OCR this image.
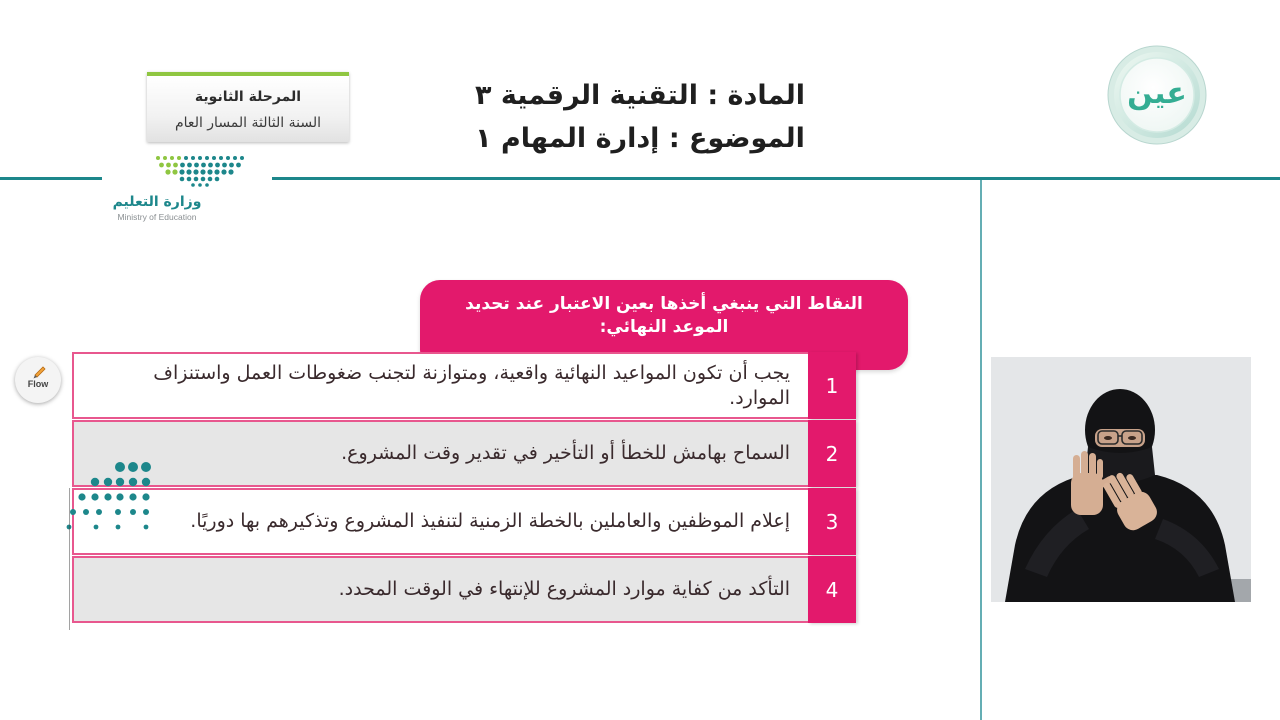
عين
المرحلة الثانوية
السنة الثالثة المسار العام
وزارة التعليم
Ministry of Education
المادة : التقنية الرقمية ٣
الموضوع : إدارة المهام ١
Flow
النقاط التي ينبغي أخذها بعين الاعتبار عند تحديد الموعد النهائي:
يجب أن تكون المواعيد النهائية واقعية، ومتوازنة لتجنب ضغوطات العمل واستنزاف الموارد.	1
السماح بهامش للخطأ أو التأخير في تقدير وقت المشروع.	2
إعلام الموظفين والعاملين بالخطة الزمنية لتنفيذ المشروع وتذكيرهم بها دوريًا.	3
التأكد من كفاية موارد المشروع للإنتهاء في الوقت المحدد.	4
